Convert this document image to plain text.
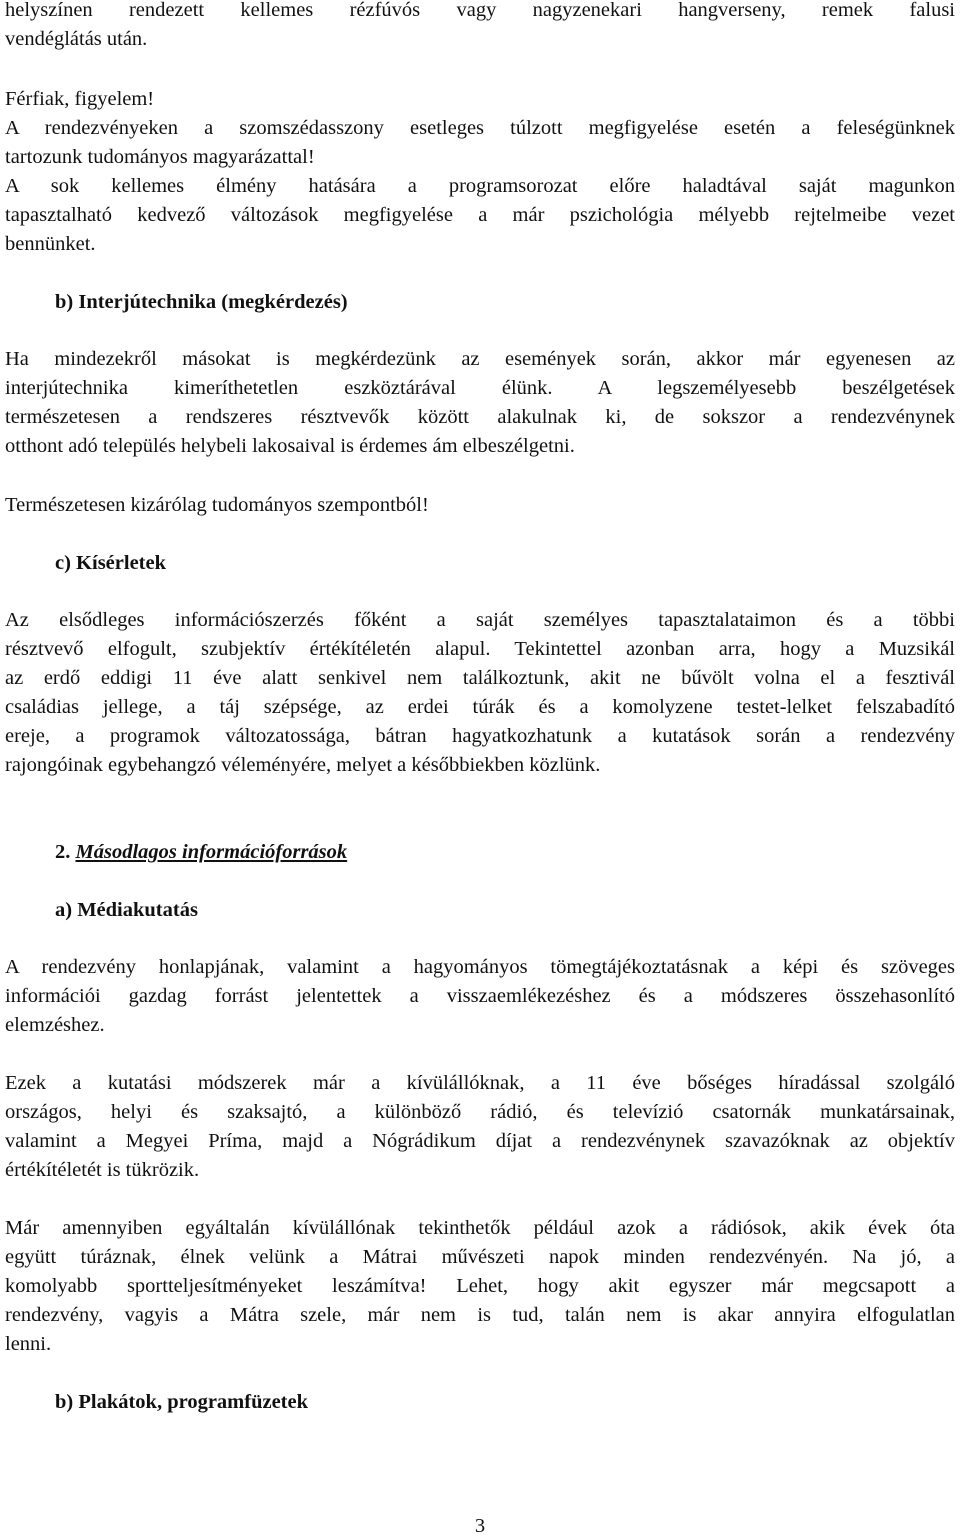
helyszínen rendezett kellemes rézfúvós vagy nagyzenekari hangverseny, remek falusi
vendéglátás után.
Férfiak, figyelem!
A rendezvényeken a szomszédasszony esetleges túlzott megfigyelése esetén a feleségünknek
tartozunk tudományos magyarázattal!
A sok kellemes élmény hatására a programsorozat előre haladtával saját magunkon
tapasztalható kedvező változások megfigyelése a már pszichológia mélyebb rejtelmeibe vezet
bennünket.
b) Interjútechnika (megkérdezés)
Ha mindezekről másokat is megkérdezünk az események során, akkor már egyenesen az
interjútechnika kimeríthetetlen eszköztárával élünk. A legszemélyesebb beszélgetések
természetesen a rendszeres résztvevők között alakulnak ki, de sokszor a rendezvénynek
otthont adó település helybeli lakosaival is érdemes ám elbeszélgetni.
Természetesen kizárólag tudományos szempontból!
c) Kísérletek
Az elsődleges információszerzés főként a saját személyes tapasztalataimon és a többi
résztvevő elfogult, szubjektív értékítéletén alapul. Tekintettel azonban arra, hogy a Muzsikál
az erdő eddigi 11 éve alatt senkivel nem találkoztunk, akit ne bűvölt volna el a fesztivál
családias jellege, a táj szépsége, az erdei túrák és a komolyzene testet-lelket felszabadító
ereje, a programok változatossága, bátran hagyatkozhatunk a kutatások során a rendezvény
rajongóinak egybehangzó véleményére, melyet a későbbiekben közlünk.
2. Másodlagos információforrások
a) Médiakutatás
A rendezvény honlapjának, valamint a hagyományos tömegtájékoztatásnak a képi és szöveges
információi gazdag forrást jelentettek a visszaemlékezéshez és a módszeres összehasonlító
elemzéshez.
Ezek a kutatási módszerek már a kívülállóknak, a 11 éve bőséges híradással szolgáló
országos, helyi és szaksajtó, a különböző rádió, és televízió csatornák munkatársainak,
valamint a Megyei Príma, majd a Nógrádikum díjat a rendezvénynek szavazóknak az objektív
értékítéletét is tükrözik.
Már amennyiben egyáltalán kívülállónak tekinthetők például azok a rádiósok, akik évek óta
együtt túráznak, élnek velünk a Mátrai művészeti napok minden rendezvényén. Na jó, a
komolyabb sportteljesítményeket leszámítva! Lehet, hogy akit egyszer már megcsapott a
rendezvény, vagyis a Mátra szele, már nem is tud, talán nem is akar annyira elfogulatlan
lenni.
b) Plakátok, programfüzetek
3
